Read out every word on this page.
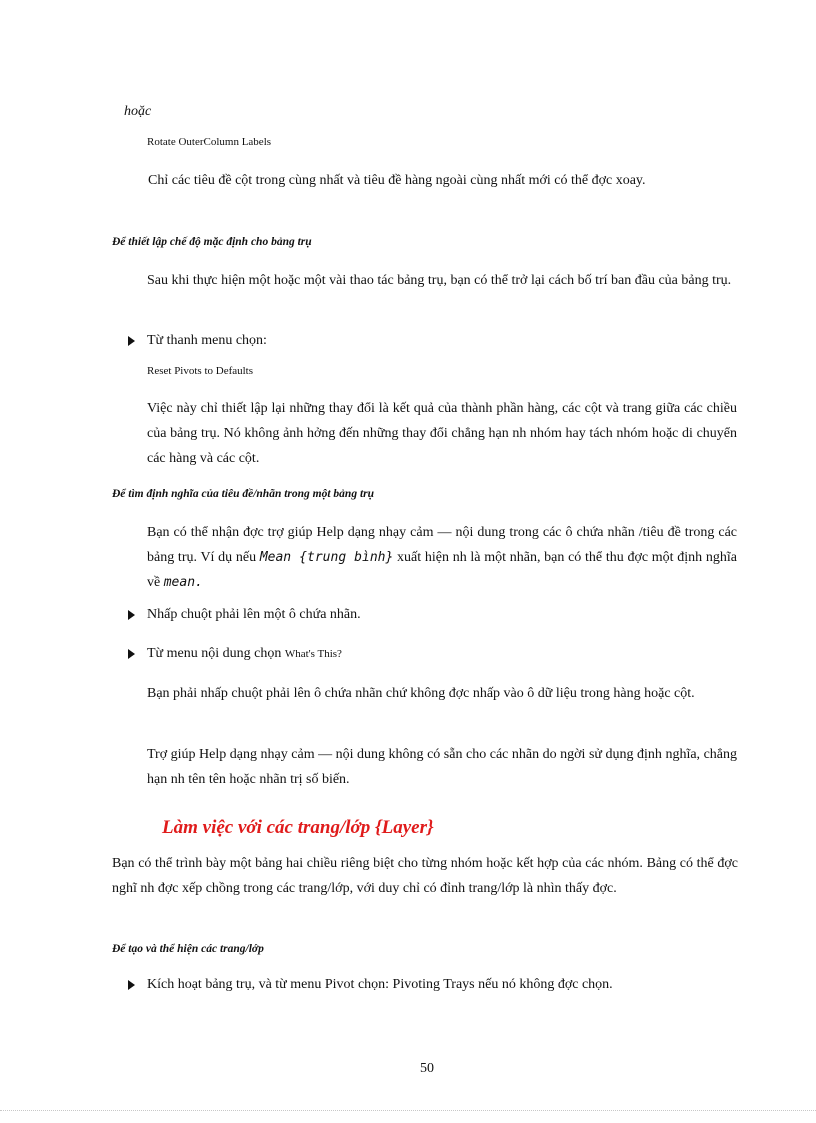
hoặc
Rotate OuterColumn Labels
Chỉ các tiêu đề cột trong cùng nhất và tiêu đề hàng ngoài cùng nhất mới có thể đợc xoay.
Để thiết lập chế độ mặc định cho bảng trụ
Sau khi thực hiện một hoặc một vài thao tác bảng trụ, bạn có thể trở lại cách bố trí ban đầu của bảng trụ.
Từ thanh menu chọn:
Reset Pivots to Defaults
Việc này chỉ thiết lập lại những thay đổi là kết quả của thành phần hàng, các cột và trang giữa các chiều của bảng trụ. Nó không ảnh hởng đến những thay đổi chẳng hạn nh nhóm hay tách nhóm hoặc di chuyển các hàng và các cột.
Để tìm định nghĩa của tiêu đề/nhãn trong một bảng trụ
Bạn có thể nhận đợc trợ giúp Help dạng nhạy cảm — nội dung trong các ô chứa nhãn /tiêu đề trong các bảng trụ. Ví dụ nếu Mean {trung bình} xuất hiện nh là một nhãn, bạn có thể thu đợc một định nghĩa về mean.
Nhấp chuột phải lên một ô chứa nhãn.
Từ menu nội dung chọn
What's This?
Bạn phải nhấp chuột phải lên ô chứa nhãn chứ không đợc nhấp vào ô dữ liệu trong hàng hoặc cột.
Trợ giúp Help dạng nhạy cảm — nội dung không có sẵn cho các nhãn do ngời sử dụng định nghĩa, chẳng hạn nh tên tên hoặc nhãn trị số biến.
Làm việc với các trang/lớp {Layer}
Bạn có thể trình bày một bảng hai chiều riêng biệt cho từng nhóm hoặc kết hợp của các nhóm. Bảng có thể đợc nghĩ nh đợc xếp chồng trong các trang/lớp, với duy chỉ có đỉnh trang/lớp là nhìn thấy đợc.
Để tạo và thể hiện các trang/lớp
Kích hoạt bảng trụ, và từ menu Pivot chọn: Pivoting Trays nếu nó không đợc chọn.
50
